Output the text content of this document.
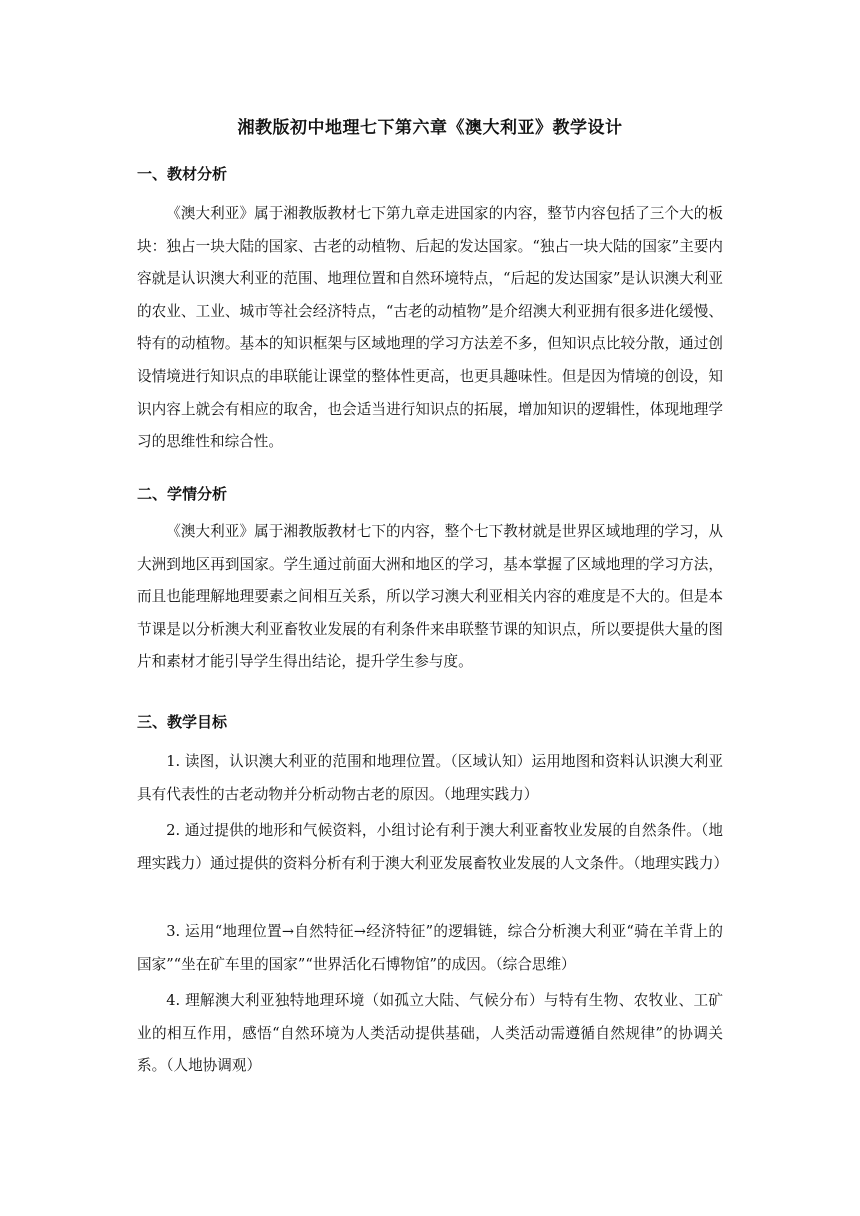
湘教版初中地理七下第六章《澳大利亚》教学设计
一、教材分析

《澳大利亚》属于湘教版教材七下第九章走进国家的内容，整节内容包括了三个大的板块：独占一块大陆的国家、古老的动植物、后起的发达国家。“独占一块大陆的国家”主要内容就是认识澳大利亚的范围、地理位置和自然环境特点，“后起的发达国家”是认识澳大利亚的农业、工业、城市等社会经济特点，“古老的动植物”是介绍澳大利亚拥有很多进化缓慢、特有的动植物。基本的知识框架与区域地理的学习方法差不多，但知识点比较分散，通过创设情境进行知识点的串联能让课堂的整体性更高，也更具趣味性。但是因为情境的创设，知识内容上就会有相应的取舍，也会适当进行知识点的拓展，增加知识的逻辑性，体现地理学习的思维性和综合性。

二、学情分析

《澳大利亚》属于湘教版教材七下的内容，整个七下教材就是世界区域地理的学习，从大洲到地区再到国家。学生通过前面大洲和地区的学习，基本掌握了区域地理的学习方法，而且也能理解地理要素之间相互关系，所以学习澳大利亚相关内容的难度是不大的。但是本节课是以分析澳大利亚畜牧业发展的有利条件来串联整节课的知识点，所以要提供大量的图片和素材才能引导学生得出结论，提升学生参与度。

三、教学目标

1. 读图，认识澳大利亚的范围和地理位置。（区域认知）运用地图和资料认识澳大利亚具有代表性的古老动物并分析动物古老的原因。（地理实践力）

2. 通过提供的地形和气候资料，小组讨论有利于澳大利亚畜牧业发展的自然条件。（地理实践力）通过提供的资料分析有利于澳大利亚发展畜牧业发展的人文条件。（地理实践力）

3. 运用“地理位置→自然特征→经济特征”的逻辑链，综合分析澳大利亚“骑在羊背上的国家”“坐在矿车里的国家”“世界活化石博物馆”的成因。（综合思维）

4. 理解澳大利亚独特地理环境（如孤立大陆、气候分布）与特有生物、农牧业、工矿业的相互作用，感悟“自然环境为人类活动提供基础，人类活动需遵循自然规律”的协调关系。（人地协调观）
